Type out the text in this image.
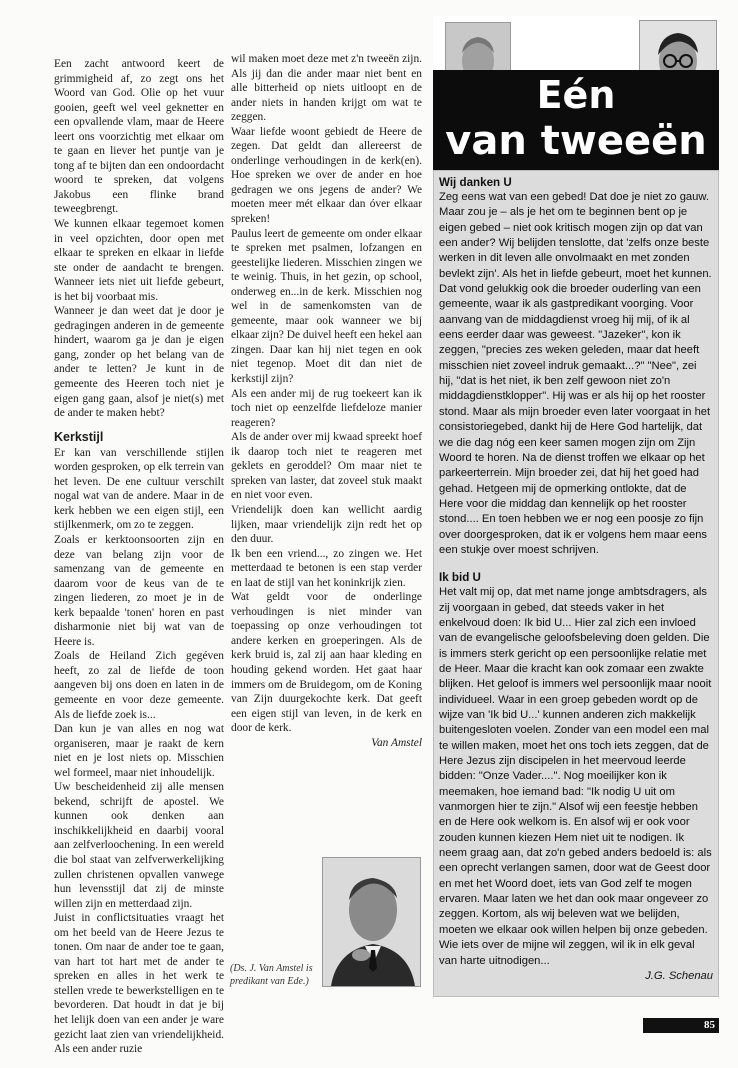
Een zacht antwoord keert de grimmigheid af, zo zegt ons het Woord van God. Olie op het vuur gooien, geeft wel veel geknetter en een opvallende vlam, maar de Heere leert ons voorzichtig met elkaar om te gaan en liever het puntje van je tong af te bijten dan een ondoordacht woord te spreken, dat volgens Jakobus een flinke brand teweegbrengt.

We kunnen elkaar tegemoet komen in veel opzichten, door open met elkaar te spreken en elkaar in liefde ste onder de aandacht te brengen. Wanneer iets niet uit liefde gebeurt, is het bij voorbaat mis.

Wanneer je dan weet dat je door je gedragingen anderen in de gemeente hindert, waarom ga je dan je eigen gang, zonder op het belang van de ander te letten? Je kunt in de gemeente des Heeren toch niet je eigen gang gaan, alsof je niet(s) met de ander te maken hebt?

Kerkstijl

Er kan van verschillende stijlen worden gesproken, op elk terrein van het leven. De ene cultuur verschilt nogal wat van de andere. Maar in de kerk hebben we een eigen stijl, een stijlkenmerk, om zo te zeggen.

Zoals er kerktoonsoorten zijn en deze van belang zijn voor de samenzang van de gemeente en daarom voor de keus van de te zingen liederen, zo moet je in de kerk bepaalde 'tonen' horen en past disharmonie niet bij wat van de Heere is.

Zoals de Heiland Zich gegéven heeft, zo zal de liefde de toon aangeven bij ons doen en laten in de gemeente en voor deze gemeente. Als de liefde zoek is...

Dan kun je van alles en nog wat organiseren, maar je raakt de kern niet en je lost niets op. Misschien wel formeel, maar niet inhoudelijk.

Uw bescheidenheid zij alle mensen bekend, schrijft de apostel. We kunnen ook denken aan inschikkelijkheid en daarbij vooral aan zelfverloochening. In een wereld die bol staat van zelfverwerkelijking zullen christenen opvallen vanwege hun levensstijl dat zij de minste willen zijn en metterdaad zijn.

Juist in conflictsituaties vraagt het om het beeld van de Heere Jezus te tonen. Om naar de ander toe te gaan, van hart tot hart met de ander te spreken en alles in het werk te stellen vrede te bewerkstelligen en te bevorderen. Dat houdt in dat je bij het lelijk doen van een ander je ware gezicht laat zien van vriendelijkheid. Als een ander ruzie

wil maken moet deze met z'n tweeën zijn. Als jij dan die ander maar niet bent en alle bitterheid op niets uitloopt en de ander niets in handen krijgt om wat te zeggen.

Waar liefde woont gebiedt de Heere de zegen. Dat geldt dan allereerst de onderlinge verhoudingen in de kerk(en). Hoe spreken we over de ander en hoe gedragen we ons jegens de ander? We moeten meer mét elkaar dan óver elkaar spreken!

Paulus leert de gemeente om onder elkaar te spreken met psalmen, lofzangen en geestelijke liederen. Misschien zingen we te weinig. Thuis, in het gezin, op school, onderweg en...in de kerk. Misschien nog wel in de samenkomsten van de gemeente, maar ook wanneer we bij elkaar zijn? De duivel heeft een hekel aan zingen. Daar kan hij niet tegen en ook niet tegenop. Moet dit dan niet de kerkstijl zijn?

Als een ander mij de rug toekeert kan ik toch niet op eenzelfde liefdeloze manier reageren?

Als de ander over mij kwaad spreekt hoef ik daarop toch niet te reageren met geklets en geroddel? Om maar niet te spreken van laster, dat zoveel stuk maakt en niet voor even.

Vriendelijk doen kan wellicht aardig lijken, maar vriendelijk zijn redt het op den duur.

Ik ben een vriend..., zo zingen we. Het metterdaad te betonen is een stap verder en laat de stijl van het koninkrijk zien.

Wat geldt voor de onderlinge verhoudingen is niet minder van toepassing op onze verhoudingen tot andere kerken en groeperingen. Als de kerk bruid is, zal zij aan haar kleding en houding gekend worden. Het gaat haar immers om de Bruidegom, om de Koning van Zijn duurgekochte kerk. Dat geeft een eigen stijl van leven, in de kerk en door de kerk.

Van Amstel

(Ds. J. Van Amstel is predikant van Ede.)
Eén
van tweeën
Wij danken U

Zeg eens wat van een gebed! Dat doe je niet zo gauw. Maar zou je – als je het om te beginnen bent op je eigen gebed – niet ook kritisch mogen zijn op dat van een ander? Wij belijden tenslotte, dat 'zelfs onze beste werken in dit leven alle onvolmaakt en met zonden bevlekt zijn'. Als het in liefde gebeurt, moet het kunnen. Dat vond gelukkig ook die broeder ouderling van een gemeente, waar ik als gastpredikant voorging. Voor aanvang van de middagdienst vroeg hij mij, of ik al eens eerder daar was geweest. "Jazeker", kon ik zeggen, "precies zes weken geleden, maar dat heeft misschien niet zoveel indruk gemaakt...?" "Nee", zei hij, "dat is het niet, ik ben zelf gewoon niet zo'n middagdienstklopper". Hij was er als hij op het rooster stond. Maar als mijn broeder even later voorgaat in het consistoriegebed, dankt hij de Here God hartelijk, dat we die dag nóg een keer samen mogen zijn om Zijn Woord te horen. Na de dienst troffen we elkaar op het parkeerterrein. Mijn broeder zei, dat hij het goed had gehad. Hetgeen mij de opmerking ontlokte, dat de Here voor die middag dan kennelijk op het rooster stond.... En toen hebben we er nog een poosje zo fijn over doorgesproken, dat ik er volgens hem maar eens een stukje over moest schrijven.

Ik bid U

Het valt mij op, dat met name jonge ambtsdragers, als zij voorgaan in gebed, dat steeds vaker in het enkelvoud doen: Ik bid U... Hier zal zich een invloed van de evangelische geloofsbeleving doen gelden. Die is immers sterk gericht op een persoonlijke relatie met de Heer. Maar die kracht kan ook zomaar een zwakte blijken. Het geloof is immers wel persoonlijk maar nooit individueel. Waar in een groep gebeden wordt op de wijze van 'Ik bid U...' kunnen anderen zich makkelijk buitengesloten voelen. Zonder van een model een mal te willen maken, moet het ons toch iets zeggen, dat de Here Jezus zijn discipelen in het meervoud leerde bidden: "Onze Vader....". Nog moeilijker kon ik meemaken, hoe iemand bad: "Ik nodig U uit om vanmorgen hier te zijn." Alsof wij een feestje hebben en de Here ook welkom is. En alsof wij er ook voor zouden kunnen kiezen Hem niet uit te nodigen. Ik neem graag aan, dat zo'n gebed anders bedoeld is: als een oprecht verlangen samen, door wat de Geest door en met het Woord doet, iets van God zelf te mogen ervaren. Maar laten we het dan ook maar ongeveer zo zeggen. Kortom, als wij beleven wat we belijden, moeten we elkaar ook willen helpen bij onze gebeden. Wie iets over de mijne wil zeggen, wil ik in elk geval van harte uitnodigen...

J.G. Schenau

85
